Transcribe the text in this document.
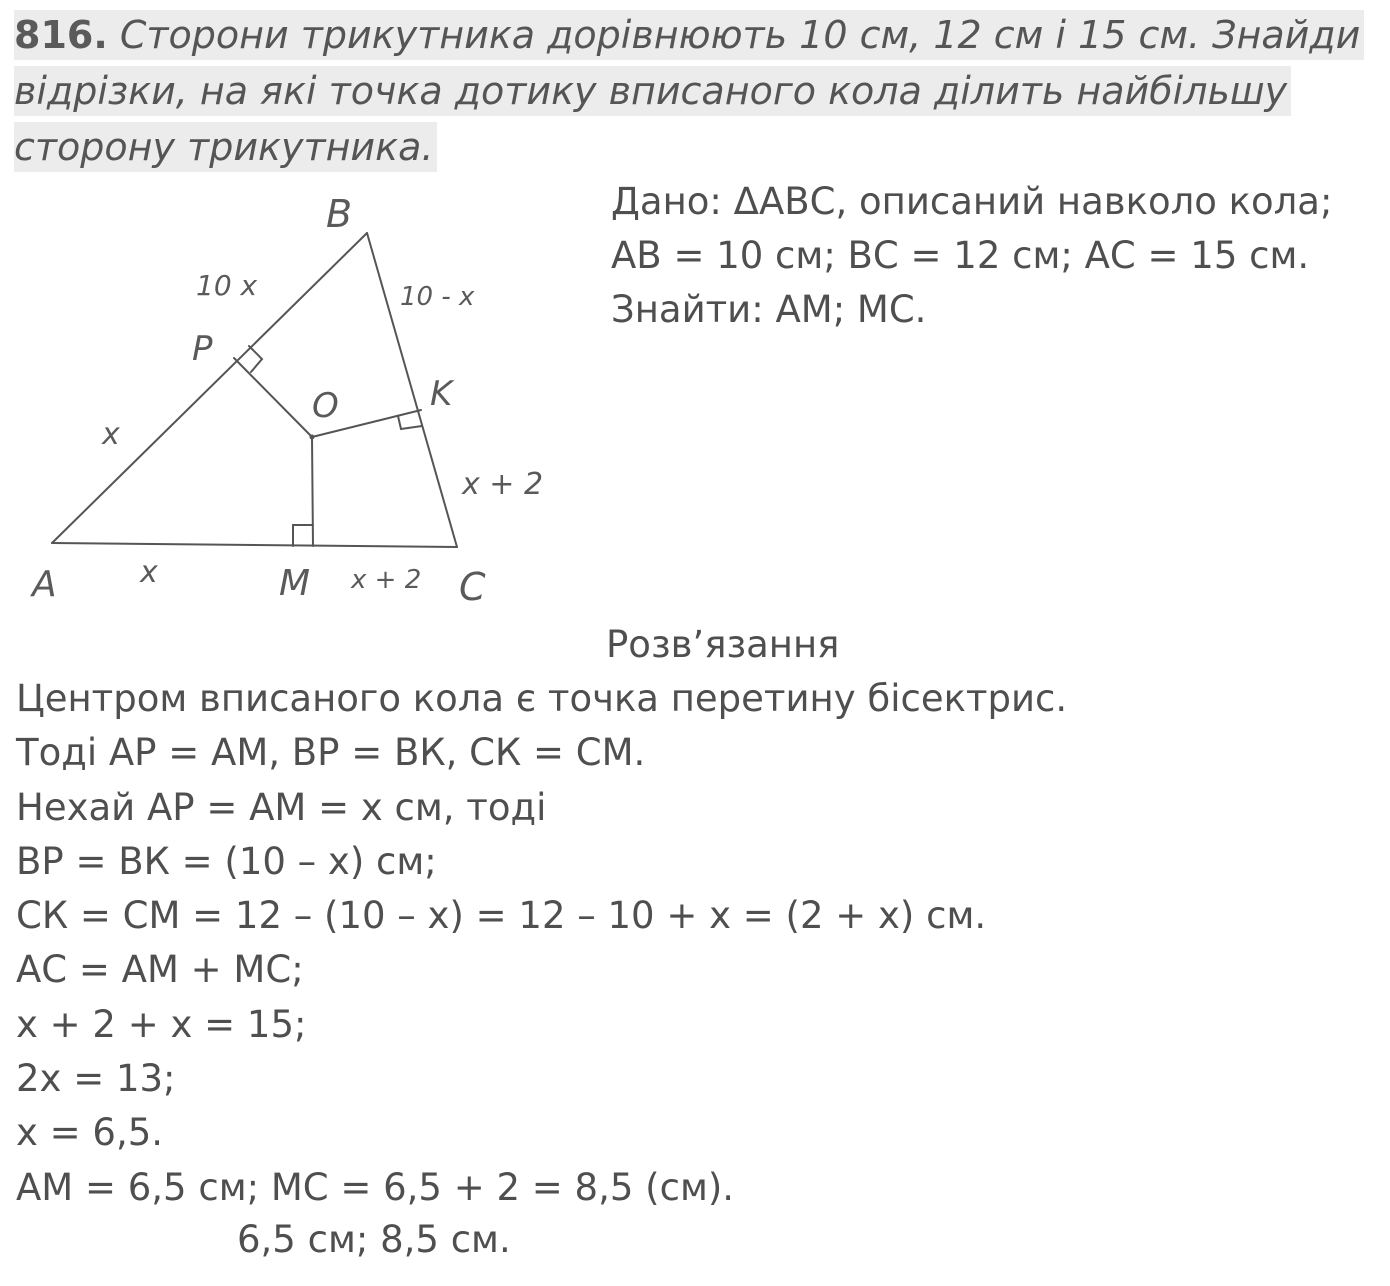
816. Сторони трикутника дорівнюють 10 см, 12 см і 15 см. Знайди
відрізки, на які точка дотику вписаного кола ділить найбільшу
сторону трикутника.
A
B
C
P
K
M
O
10 x	10 - x
x
x + 2
x	x + 2
Дано: ΔАВС, описаний навколо кола;
АВ = 10 см; ВС = 12 см; АС = 15 см.
Знайти: АМ; МС.
Розв’язання
Центром вписаного кола є точка перетину бісектрис.
Тоді АР = АМ, ВР = ВК, СК = СМ.
Нехай АР = АМ = х см, тоді
ВР = ВК = (10 – х) см;
СК = СМ = 12 – (10 – х) = 12 – 10 + х = (2 + х) см.
АС = АМ + МС;
х + 2 + х = 15;
2х = 13;
х = 6,5.
АМ = 6,5 см; МС = 6,5 + 2 = 8,5 (см).
6,5 см; 8,5 см.
